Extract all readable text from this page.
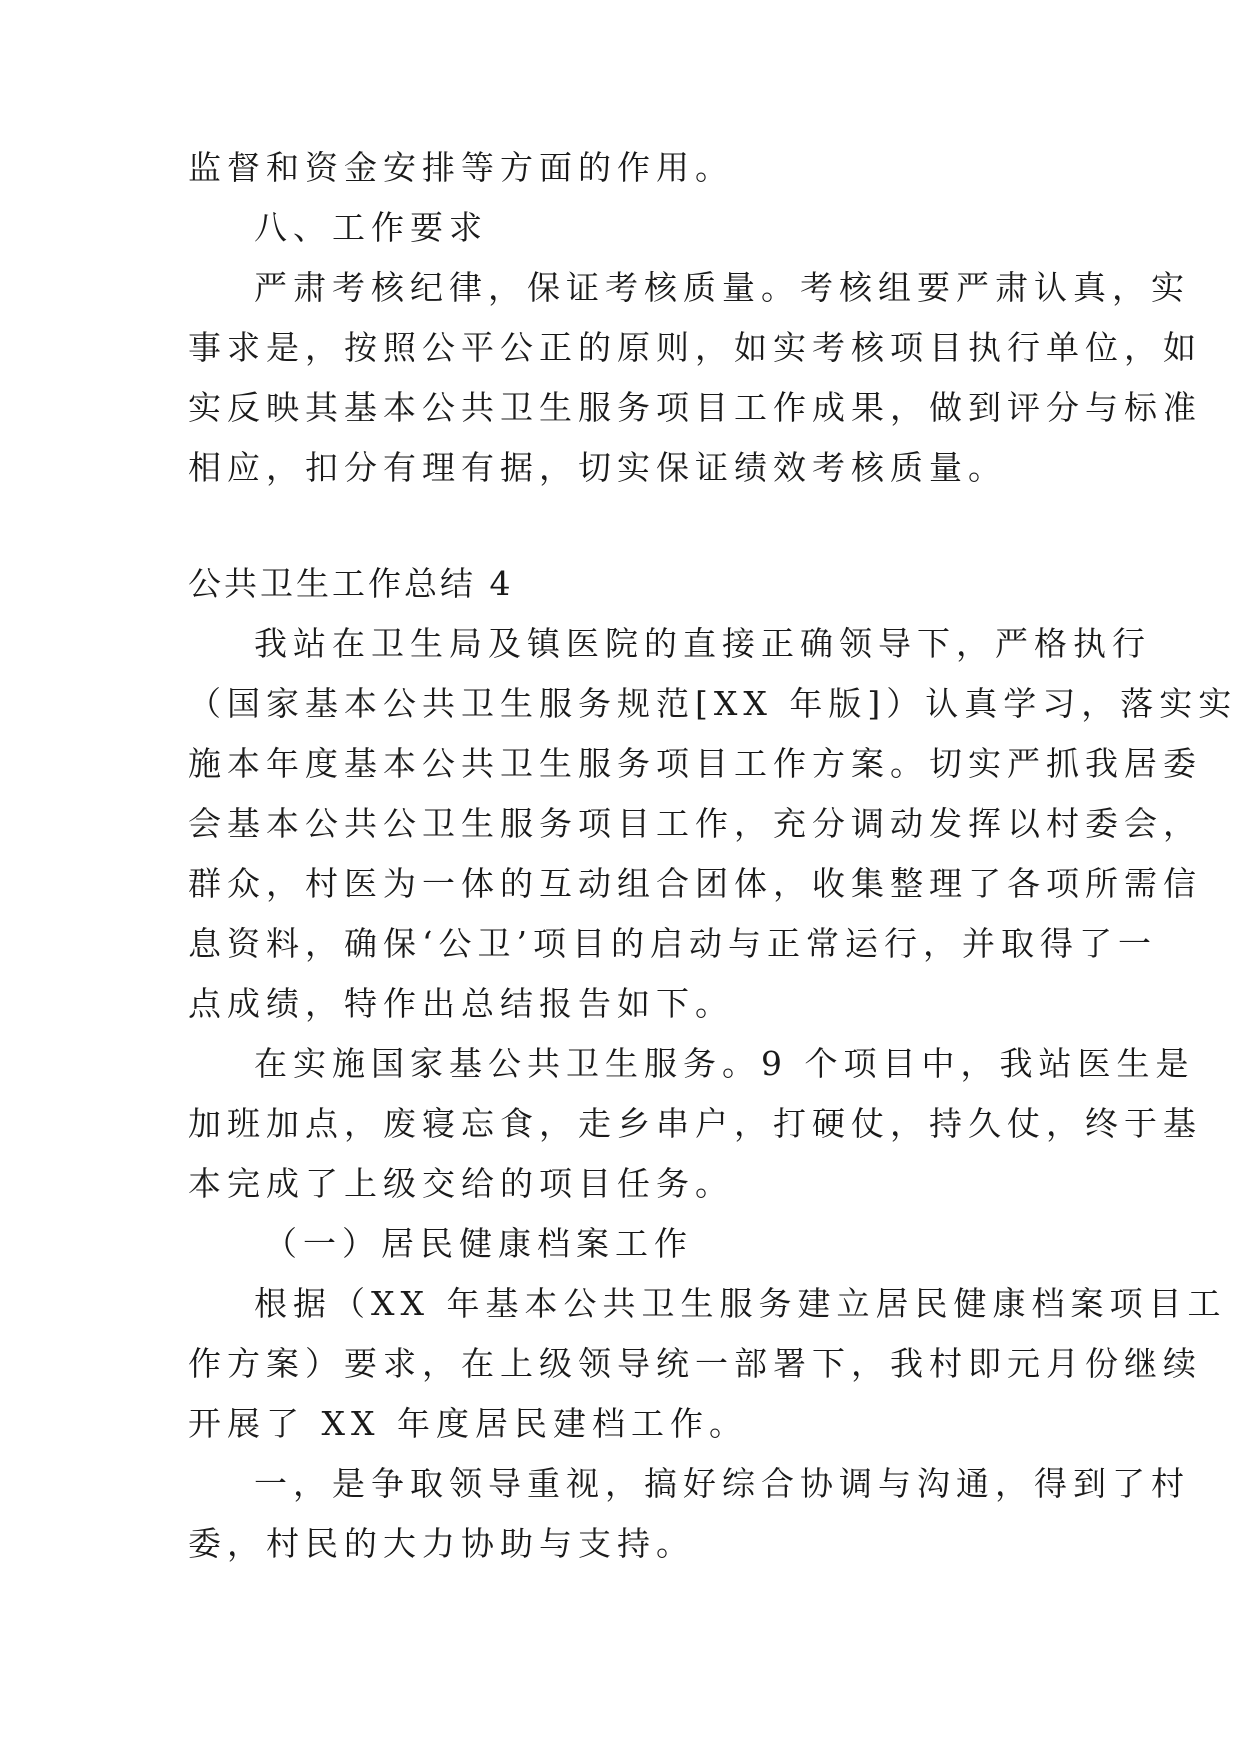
监督和资金安排等方面的作用。
八、工作要求
严肃考核纪律，保证考核质量。考核组要严肃认真，实
事求是，按照公平公正的原则，如实考核项目执行单位，如
实反映其基本公共卫生服务项目工作成果，做到评分与标准
相应，扣分有理有据，切实保证绩效考核质量。
公共卫生工作总结 4
我站在卫生局及镇医院的直接正确领导下，严格执行
（国家基本公共卫生服务规范[XX 年版]）认真学习，落实实
施本年度基本公共卫生服务项目工作方案。切实严抓我居委
会基本公共公卫生服务项目工作，充分调动发挥以村委会，
群众，村医为一体的互动组合团体，收集整理了各项所需信
息资料，确保‘公卫’项目的启动与正常运行，并取得了一
点成绩，特作出总结报告如下。
在实施国家基公共卫生服务。9 个项目中，我站医生是
加班加点，废寝忘食，走乡串户，打硬仗，持久仗，终于基
本完成了上级交给的项目任务。
（一）居民健康档案工作
根据（XX 年基本公共卫生服务建立居民健康档案项目工
作方案）要求，在上级领导统一部署下，我村即元月份继续
开展了 XX 年度居民建档工作。
一，是争取领导重视，搞好综合协调与沟通，得到了村
委，村民的大力协助与支持。
